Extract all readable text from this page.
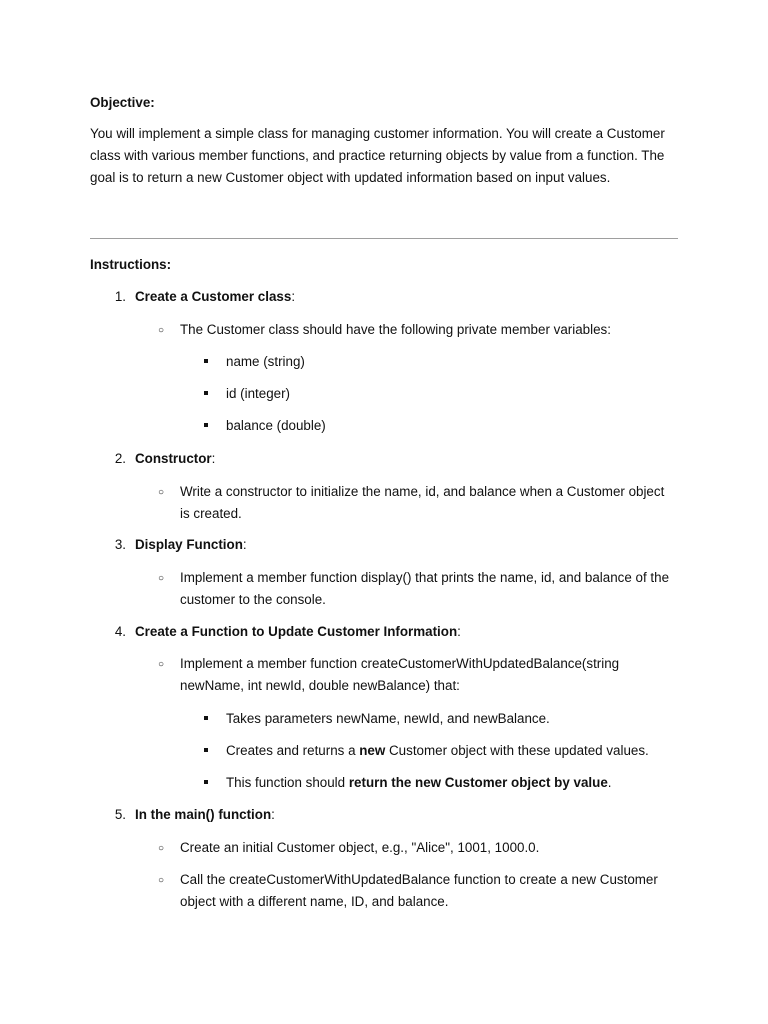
Objective:
You will implement a simple class for managing customer information. You will create a Customer class with various member functions, and practice returning objects by value from a function. The goal is to return a new Customer object with updated information based on input values.
Instructions:
1. Create a Customer class:
○ The Customer class should have the following private member variables:
name (string)
id (integer)
balance (double)
2. Constructor:
○ Write a constructor to initialize the name, id, and balance when a Customer object is created.
3. Display Function:
○ Implement a member function display() that prints the name, id, and balance of the customer to the console.
4. Create a Function to Update Customer Information:
○ Implement a member function createCustomerWithUpdatedBalance(string newName, int newId, double newBalance) that:
Takes parameters newName, newId, and newBalance.
Creates and returns a new Customer object with these updated values.
This function should return the new Customer object by value.
5. In the main() function:
○ Create an initial Customer object, e.g., "Alice", 1001, 1000.0.
○ Call the createCustomerWithUpdatedBalance function to create a new Customer object with a different name, ID, and balance.
